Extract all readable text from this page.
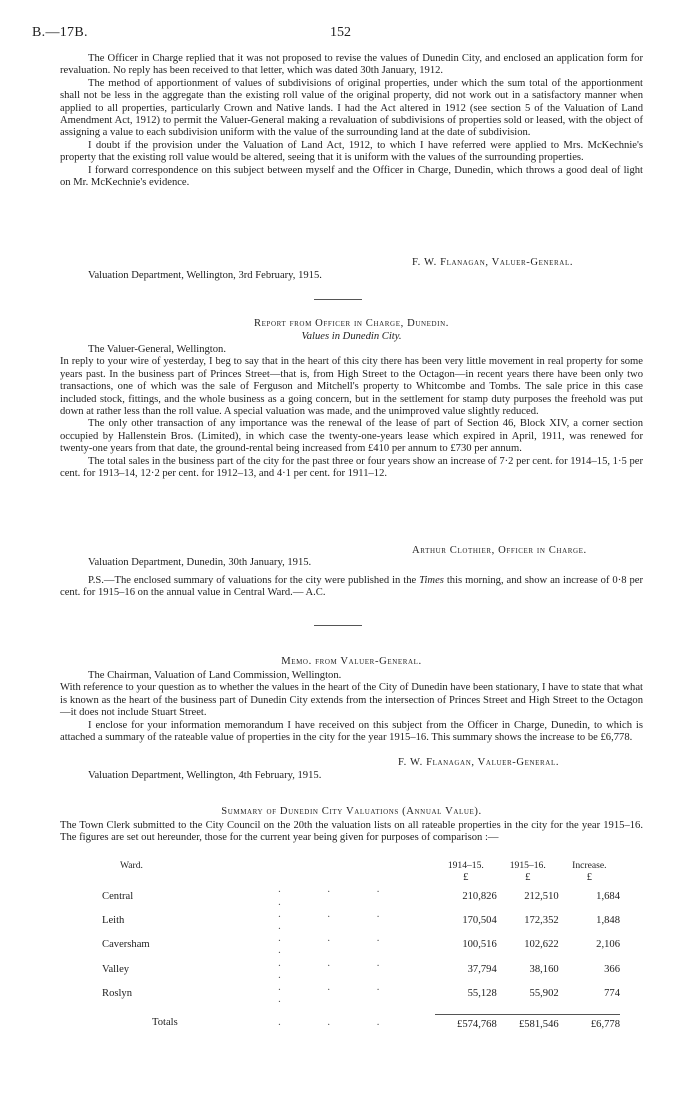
B.—17B.	152

The Officer in Charge replied that it was not proposed to revise the values of Dunedin City, and enclosed an application form for revaluation. No reply has been received to that letter, which was dated 30th January, 1912.

The method of apportionment of values of subdivisions of original properties, under which the sum total of the apportionment shall not be less in the aggregate than the existing roll value of the original property, did not work out in a satisfactory manner when applied to all properties, particularly Crown and Native lands. I had the Act altered in 1912 (see section 5 of the Valuation of Land Amendment Act, 1912) to permit the Valuer-General making a revaluation of subdivisions of properties sold or leased, with the object of assigning a value to each subdivision uniform with the value of the surrounding land at the date of subdivision.

I doubt if the provision under the Valuation of Land Act, 1912, to which I have referred were applied to Mrs. McKechnie's property that the existing roll value would be altered, seeing that it is uniform with the values of the surrounding properties.

I forward correspondence on this subject between myself and the Officer in Charge, Dunedin, which throws a good deal of light on Mr. McKechnie's evidence.

F. W. Flanagan, Valuer-General.
Valuation Department, Wellington, 3rd February, 1915.
Report from Officer in Charge, Dunedin.
Values in Dunedin City.

The Valuer-General, Wellington.

In reply to your wire of yesterday, I beg to say that in the heart of this city there has been very little movement in real property for some years past. In the business part of Princes Street—that is, from High Street to the Octagon—in recent years there have been only two transactions, one of which was the sale of Ferguson and Mitchell's property to Whitcombe and Tombs. The sale price in this case included stock, fittings, and the whole business as a going concern, but in the settlement for stamp duty purposes the freehold was put down at rather less than the roll value. A special valuation was made, and the unimproved value slightly reduced.

The only other transaction of any importance was the renewal of the lease of part of Section 46, Block XIV, a corner section occupied by Hallenstein Bros. (Limited), in which case the twenty-one-years lease which expired in April, 1911, was renewed for twenty-one years from that date, the ground-rental being increased from £410 per annum to £730 per annum.

The total sales in the business part of the city for the past three or four years show an increase of 7·2 per cent. for 1914–15, 1·5 per cent. for 1913–14, 12·2 per cent. for 1912–13, and 4·1 per cent. for 1911–12.

Arthur Clothier, Officer in Charge.
Valuation Department, Dunedin, 30th January, 1915.

P.S.—The enclosed summary of valuations for the city were published in the Times this morning, and show an increase of 0·8 per cent. for 1915–16 on the annual value in Central Ward.— A.C.

Memo. from Valuer-General.

The Chairman, Valuation of Land Commission, Wellington.

With reference to your question as to whether the values in the heart of the City of Dunedin have been stationary, I have to state that what is known as the heart of the business part of Dunedin City extends from the intersection of Princes Street and High Street to the Octagon—it does not include Stuart Street.

I enclose for your information memorandum I have received on this subject from the Officer in Charge, Dunedin, to which is attached a summary of the rateable value of properties in the city for the year 1915–16. This summary shows the increase to be £6,778.

F. W. Flanagan, Valuer-General.
Valuation Department, Wellington, 4th February, 1915.
Summary of Dunedin City Valuations (Annual Value).

The Town Clerk submitted to the City Council on the 20th the valuation lists on all rateable properties in the city for the year 1915–16. The figures are set out hereunder, those for the current year being given for purposes of comparison :—

Ward.		1914–15.	1915–16.	Increase.
		£	£	£
Central	. . . .	210,826	212,510	1,684
Leith	. . . .	170,504	172,352	1,848
Caversham	. . . .	100,516	102,622	2,106
Valley	. . . .	37,794	38,160	366
Roslyn	. . . .	55,128	55,902	774

Totals	. . .	£574,768	£581,546	£6,778
